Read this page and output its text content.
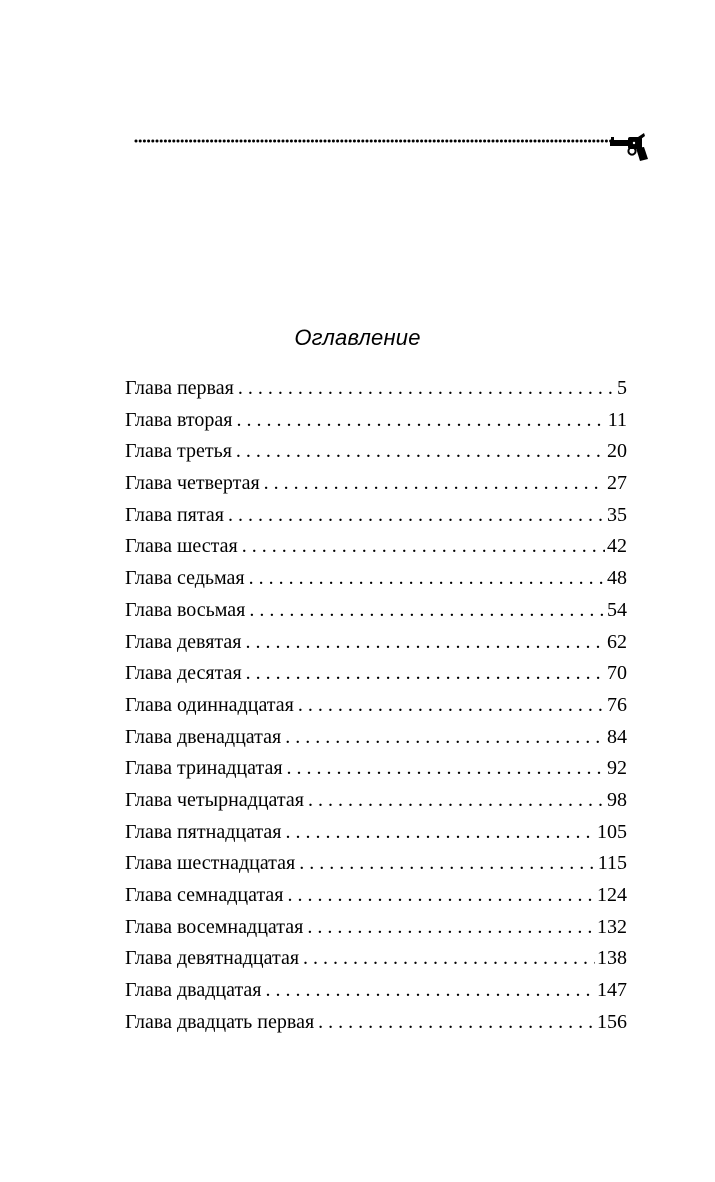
Оглавление
Глава первая . . .	5
Глава вторая . . .	11
Глава третья . . .	20
Глава четвертая . . .	27
Глава пятая . . .	35
Глава шестая . . .	42
Глава седьмая . . .	48
Глава восьмая . . .	54
Глава девятая . . .	62
Глава десятая . . .	70
Глава одиннадцатая . . .	76
Глава двенадцатая . . .	84
Глава тринадцатая . . .	92
Глава четырнадцатая . . .	98
Глава пятнадцатая . . .	105
Глава шестнадцатая . . .	115
Глава семнадцатая . . .	124
Глава восемнадцатая . . .	132
Глава девятнадцатая . . .	138
Глава двадцатая . . .	147
Глава двадцать первая . . .	156
